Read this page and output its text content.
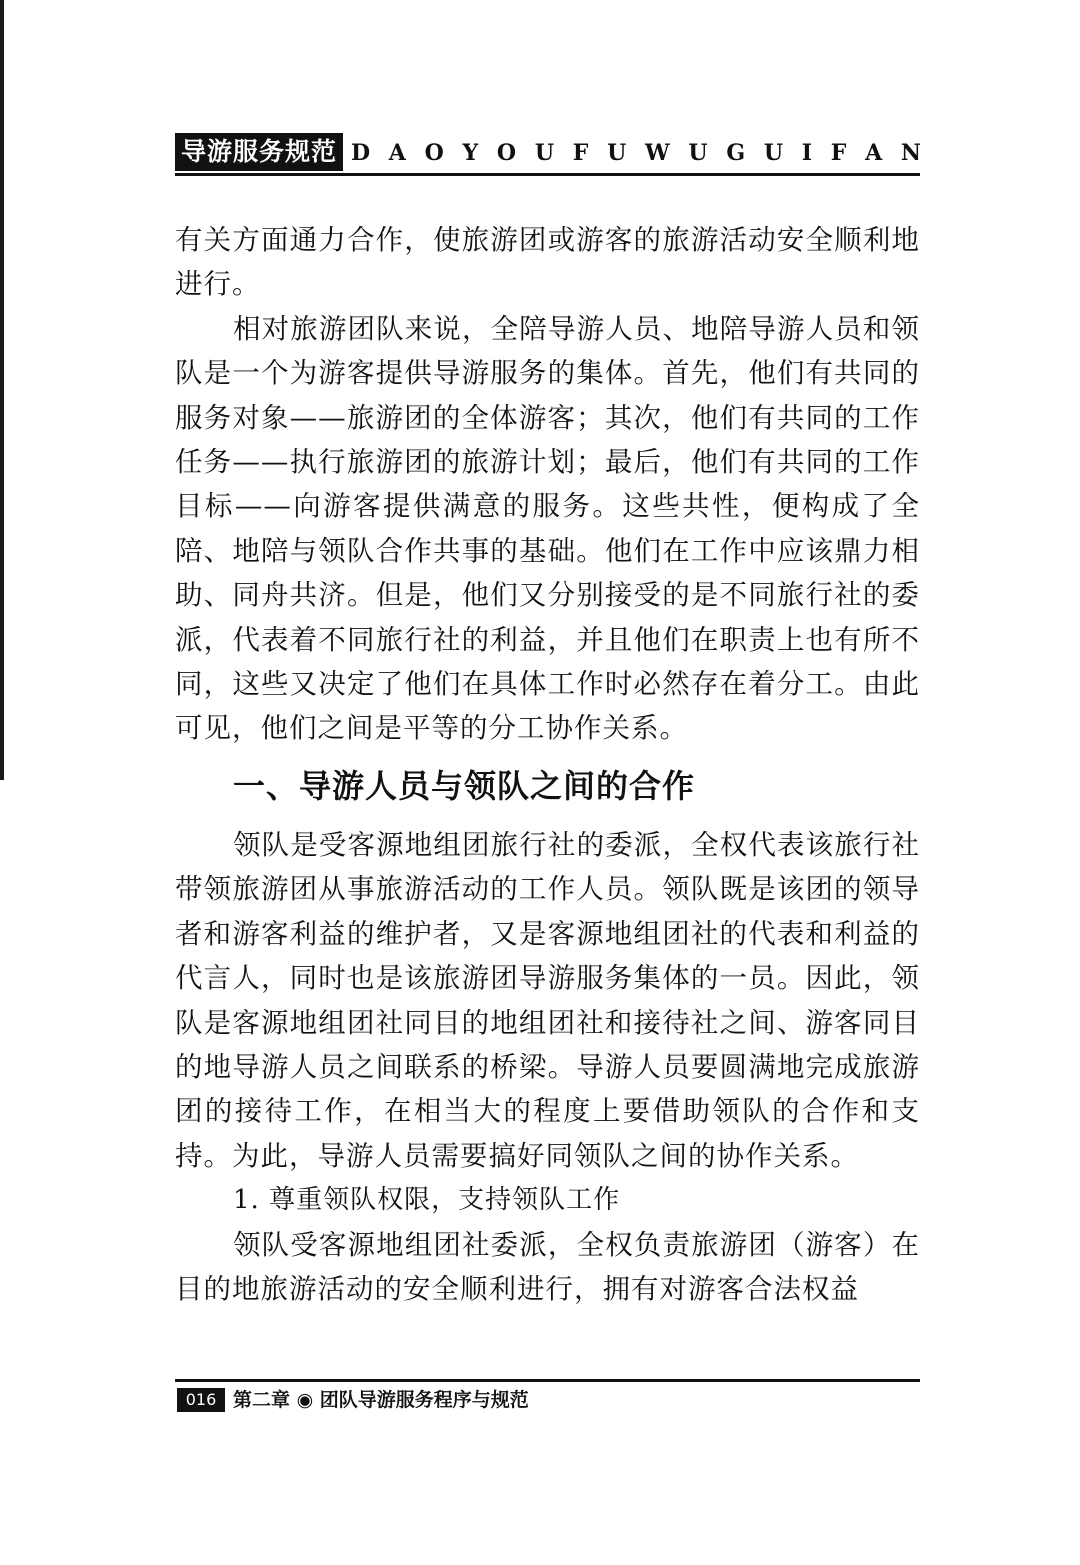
导游服务规范 D A O Y O U F U W U G U I F A N

有关方面通力合作，使旅游团或游客的旅游活动安全顺利地进行。

相对旅游团队来说，全陪导游人员、地陪导游人员和领队是一个为游客提供导游服务的集体。首先，他们有共同的服务对象——旅游团的全体游客；其次，他们有共同的工作任务——执行旅游团的旅游计划；最后，他们有共同的工作目标——向游客提供满意的服务。这些共性，便构成了全陪、地陪与领队合作共事的基础。他们在工作中应该鼎力相助、同舟共济。但是，他们又分别接受的是不同旅行社的委派，代表着不同旅行社的利益，并且他们在职责上也有所不同，这些又决定了他们在具体工作时必然存在着分工。由此可见，他们之间是平等的分工协作关系。

一、导游人员与领队之间的合作

领队是受客源地组团旅行社的委派，全权代表该旅行社带领旅游团从事旅游活动的工作人员。领队既是该团的领导者和游客利益的维护者，又是客源地组团社的代表和利益的代言人，同时也是该旅游团导游服务集体的一员。因此，领队是客源地组团社同目的地组团社和接待社之间、游客同目的地导游人员之间联系的桥梁。导游人员要圆满地完成旅游团的接待工作，在相当大的程度上要借助领队的合作和支持。为此，导游人员需要搞好同领队之间的协作关系。

1. 尊重领队权限，支持领队工作

领队受客源地组团社委派，全权负责旅游团（游客）在目的地旅游活动的安全顺利进行，拥有对游客合法权益

016 第二章 ◉ 团队导游服务程序与规范
